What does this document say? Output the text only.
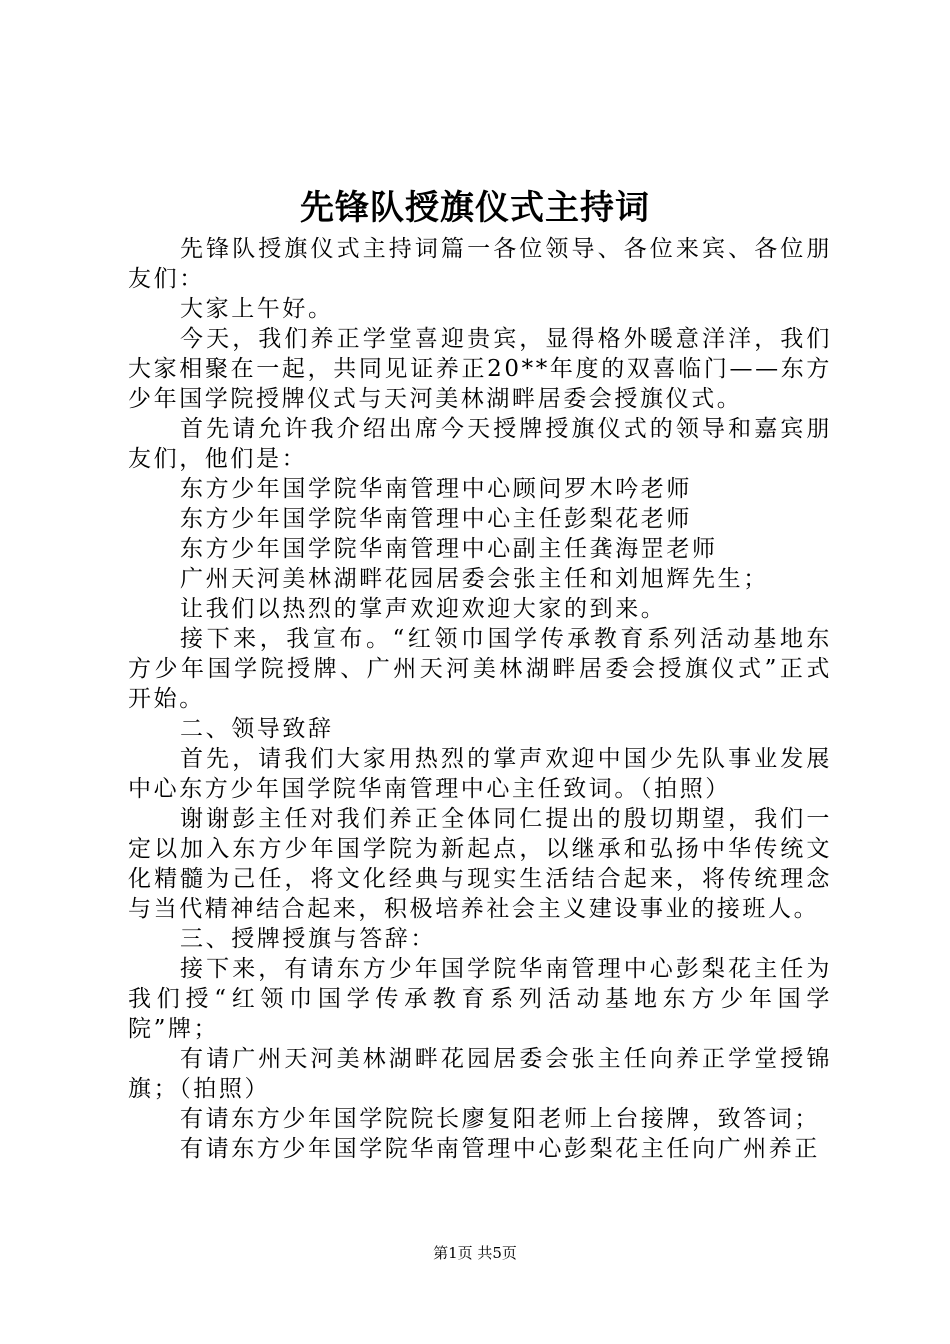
先锋队授旗仪式主持词

先锋队授旗仪式主持词篇一各位领导、各位来宾、各位朋友们：

大家上午好。

今天，我们养正学堂喜迎贵宾，显得格外暖意洋洋，我们大家相聚在一起，共同见证养正20**年度的双喜临门——东方少年国学院授牌仪式与天河美林湖畔居委会授旗仪式。

首先请允许我介绍出席今天授牌授旗仪式的领导和嘉宾朋友们，他们是：

东方少年国学院华南管理中心顾问罗木吟老师

东方少年国学院华南管理中心主任彭梨花老师

东方少年国学院华南管理中心副主任龚海罡老师

广州天河美林湖畔花园居委会张主任和刘旭辉先生；

让我们以热烈的掌声欢迎欢迎大家的到来。

接下来，我宣布。“红领巾国学传承教育系列活动基地东方少年国学院授牌、广州天河美林湖畔居委会授旗仪式”正式开始。

二、领导致辞

首先，请我们大家用热烈的掌声欢迎中国少先队事业发展中心东方少年国学院华南管理中心主任致词。（拍照）

谢谢彭主任对我们养正全体同仁提出的殷切期望，我们一定以加入东方少年国学院为新起点，以继承和弘扬中华传统文化精髓为己任，将文化经典与现实生活结合起来，将传统理念与当代精神结合起来，积极培养社会主义建设事业的接班人。

三、授牌授旗与答辞：

接下来，有请东方少年国学院华南管理中心彭梨花主任为我们授“红领巾国学传承教育系列活动基地东方少年国学院”牌；

有请广州天河美林湖畔花园居委会张主任向养正学堂授锦旗；（拍照）

有请东方少年国学院院长廖复阳老师上台接牌，致答词；

有请东方少年国学院华南管理中心彭梨花主任向广州养正

第1页 共5页
